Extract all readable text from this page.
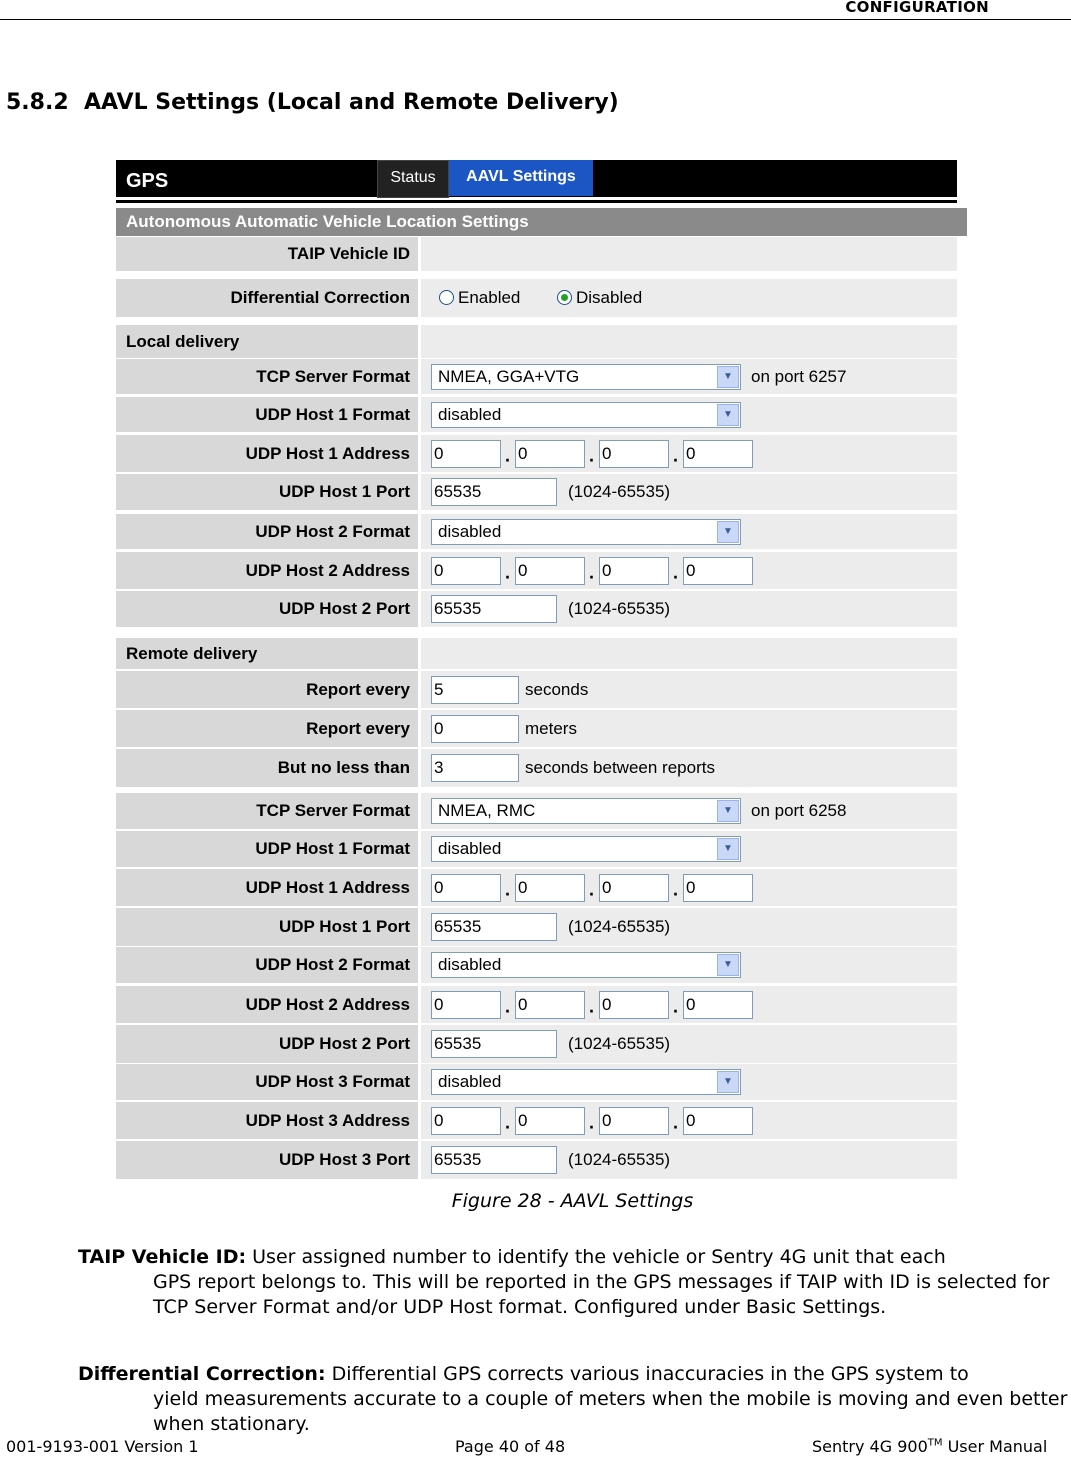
CONFIGURATION
5.8.2 AAVL Settings (Local and Remote Delivery)
GPS	Status	AAVL Settings
Autonomous Automatic Vehicle Location Settings
TAIP Vehicle ID
Differential Correction	Enabled	Disabled
Local delivery
TCP Server Format	NMEA, GGA+VTG	▼	on port 6257
UDP Host 1 Format	disabled	▼
UDP Host 1 Address 0	. 0	. 0	. 0
UDP Host 1 Port 65535	(1024-65535)
UDP Host 2 Format	disabled	▼
UDP Host 2 Address 0	. 0	. 0	. 0
UDP Host 2 Port 65535	(1024-65535)
Remote delivery
Report every 5	seconds
Report every 0	meters
But no less than 3	seconds between reports
TCP Server Format	NMEA, RMC	▼	on port 6258
UDP Host 1 Format	disabled	▼
UDP Host 1 Address 0	. 0	. 0	. 0
UDP Host 1 Port 65535	(1024-65535)
UDP Host 2 Format	disabled	▼
UDP Host 2 Address 0	. 0	. 0	. 0
UDP Host 2 Port 65535	(1024-65535)
UDP Host 3 Format	disabled	▼
UDP Host 3 Address 0	. 0	. 0	. 0
UDP Host 3 Port 65535	(1024-65535)
Figure 28 - AAVL Settings
TAIP Vehicle ID: User assigned number to identify the vehicle or Sentry 4G unit that each
GPS report belongs to. This will be reported in the GPS messages if TAIP with ID is selected for TCP Server Format and/or UDP Host format. Configured under Basic Settings.
Differential Correction: Differential GPS corrects various inaccuracies in the GPS system to
yield measurements accurate to a couple of meters when the mobile is moving and even better when stationary.
001-9193-001 Version 1	Page 40 of 48	Sentry 4G 900™ User Manual
